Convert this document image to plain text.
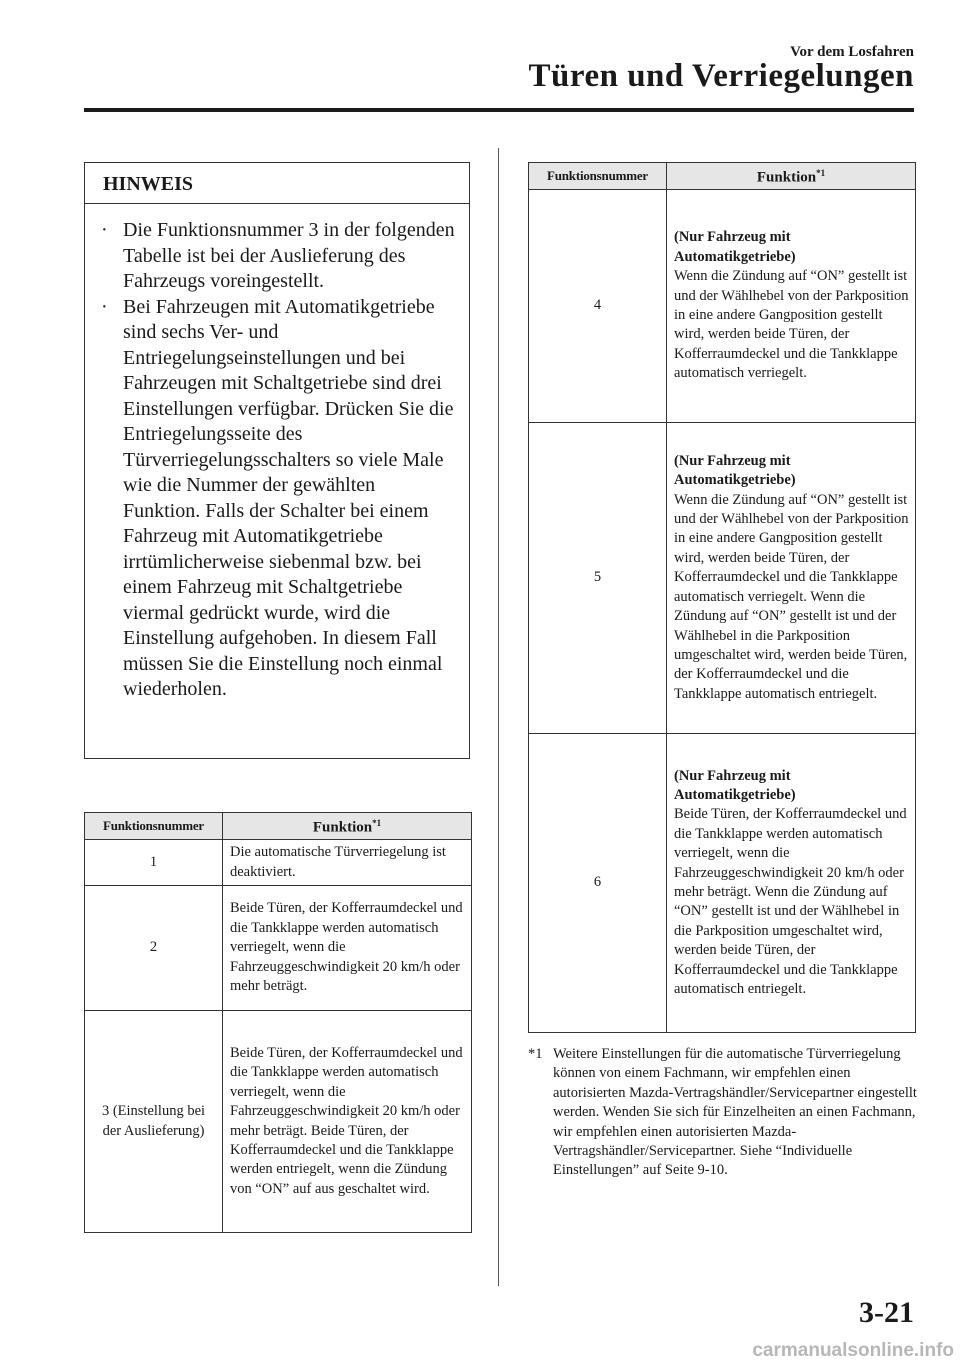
Vor dem Losfahren
Türen und Verriegelungen
HINWEIS
· Die Funktionsnummer 3 in der folgenden Tabelle ist bei der Auslieferung des Fahrzeugs voreingestellt.
· Bei Fahrzeugen mit Automatikgetriebe sind sechs Ver- und Entriegelungseinstellungen und bei Fahrzeugen mit Schaltgetriebe sind drei Einstellungen verfügbar. Drücken Sie die Entriegelungsseite des Türverriegelungsschalters so viele Male wie die Nummer der gewählten Funktion. Falls der Schalter bei einem Fahrzeug mit Automatikgetriebe irrtümlicherweise siebenmal bzw. bei einem Fahrzeug mit Schaltgetriebe viermal gedrückt wurde, wird die Einstellung aufgehoben. In diesem Fall müssen Sie die Einstellung noch einmal wiederholen.
Funktionsnummer	Funktion$^{*1}$
1	Die automatische Türverriegelung ist deaktiviert.

2	Beide Türen, der Kofferraumdeckel und die Tankklappe werden automatisch verriegelt, wenn die Fahrzeuggeschwindigkeit 20 km/h oder mehr beträgt.

3 (Einstellung bei der Auslieferung)	Beide Türen, der Kofferraumdeckel und die Tankklappe werden automatisch verriegelt, wenn die Fahrzeuggeschwindigkeit 20 km/h oder mehr beträgt. Beide Türen, der Kofferraumdeckel und die Tankklappe werden entriegelt, wenn die Zündung von “ON” auf aus geschaltet wird.
Funktionsnummer	Funktion$^{*1}$
4	(Nur Fahrzeug mit Automatikgetriebe)
Wenn die Zündung auf “ON” gestellt ist und der Wählhebel von der Parkposition in eine andere Gangposition gestellt wird, werden beide Türen, der Kofferraumdeckel und die Tankklappe automatisch verriegelt.

5	(Nur Fahrzeug mit Automatikgetriebe)
Wenn die Zündung auf “ON” gestellt ist und der Wählhebel von der Parkposition in eine andere Gangposition gestellt wird, werden beide Türen, der Kofferraumdeckel und die Tankklappe automatisch verriegelt. Wenn die Zündung auf “ON” gestellt ist und der Wählhebel in die Parkposition umgeschaltet wird, werden beide Türen, der Kofferraumdeckel und die Tankklappe automatisch entriegelt.

6	(Nur Fahrzeug mit Automatikgetriebe)
Beide Türen, der Kofferraumdeckel und die Tankklappe werden automatisch verriegelt, wenn die Fahrzeuggeschwindigkeit 20 km/h oder mehr beträgt. Wenn die Zündung auf “ON” gestellt ist und der Wählhebel in die Parkposition umgeschaltet wird, werden beide Türen, der Kofferraumdeckel und die Tankklappe automatisch entriegelt.
*1 Weitere Einstellungen für die automatische Türverriegelung können von einem Fachmann, wir empfehlen einen autorisierten Mazda-Vertragshändler/Servicepartner eingestellt werden. Wenden Sie sich für Einzelheiten an einen Fachmann, wir empfehlen einen autorisierten Mazda-Vertragshändler/Servicepartner. Siehe “Individuelle Einstellungen” auf Seite 9-10.
3-21
carmanualsonline.info
